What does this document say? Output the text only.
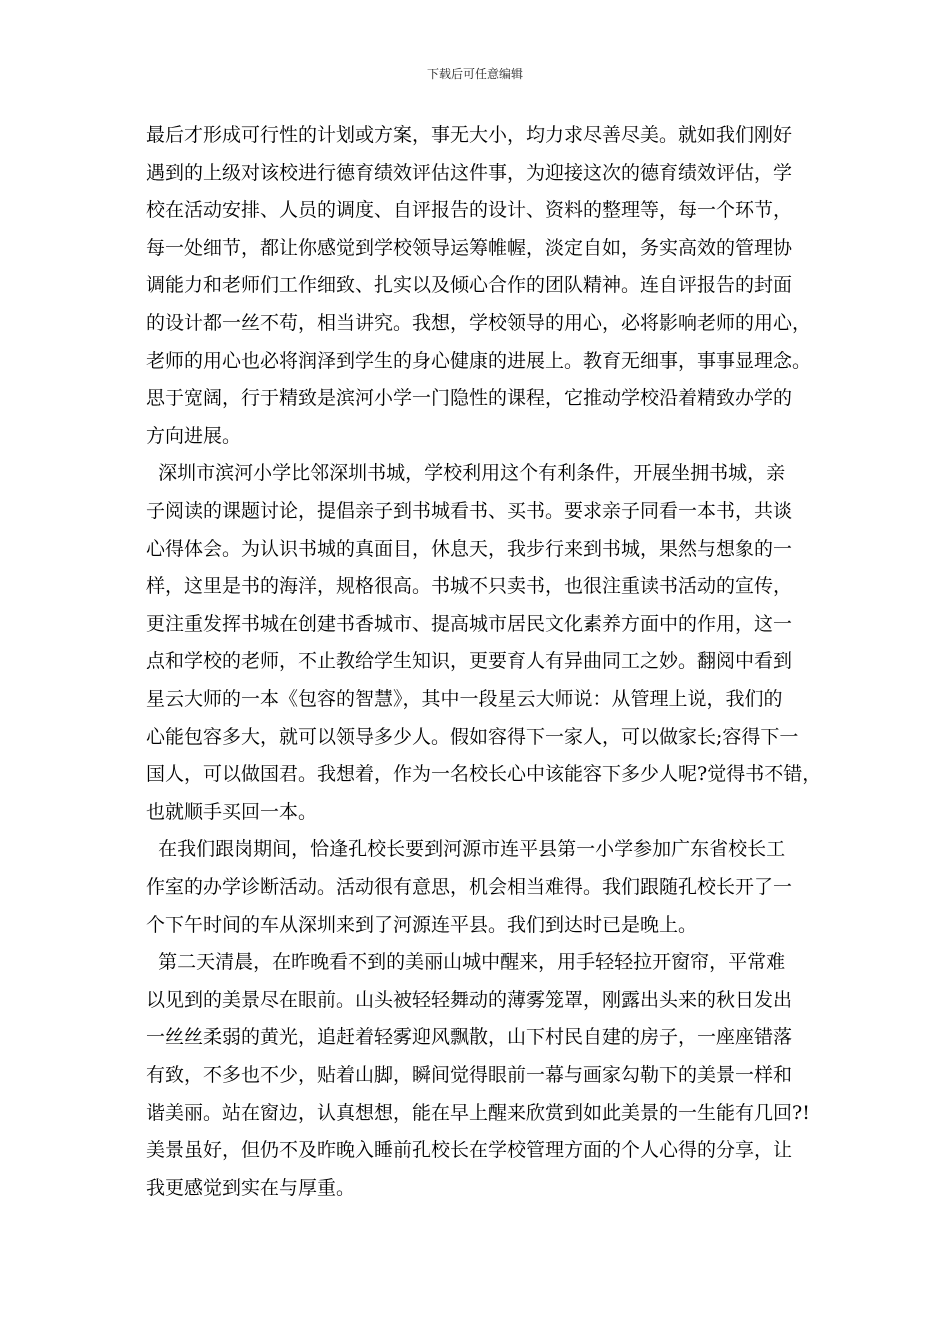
下载后可任意编辑
最后才形成可行性的计划或方案，事无大小，均力求尽善尽美。就如我们刚好
遇到的上级对该校进行德育绩效评估这件事，为迎接这次的德育绩效评估，学
校在活动安排、人员的调度、自评报告的设计、资料的整理等，每一个环节，
每一处细节，都让你感觉到学校领导运筹帷幄，淡定自如，务实高效的管理协
调能力和老师们工作细致、扎实以及倾心合作的团队精神。连自评报告的封面
的设计都一丝不苟，相当讲究。我想，学校领导的用心，必将影响老师的用心，
老师的用心也必将润泽到学生的身心健康的进展上。教育无细事，事事显理念。
思于宽阔，行于精致是滨河小学一门隐性的课程，它推动学校沿着精致办学的
方向进展。
深圳市滨河小学比邻深圳书城，学校利用这个有利条件，开展坐拥书城，亲
子阅读的课题讨论，提倡亲子到书城看书、买书。要求亲子同看一本书，共谈
心得体会。为认识书城的真面目，休息天，我步行来到书城，果然与想象的一
样，这里是书的海洋，规格很高。书城不只卖书，也很注重读书活动的宣传，
更注重发挥书城在创建书香城市、提高城市居民文化素养方面中的作用，这一
点和学校的老师，不止教给学生知识，更要育人有异曲同工之妙。翻阅中看到
星云大师的一本《包容的智慧》，其中一段星云大师说：从管理上说，我们的
心能包容多大，就可以领导多少人。假如容得下一家人，可以做家长;容得下一
国人，可以做国君。我想着，作为一名校长心中该能容下多少人呢?觉得书不错，
也就顺手买回一本。
在我们跟岗期间，恰逢孔校长要到河源市连平县第一小学参加广东省校长工
作室的办学诊断活动。活动很有意思，机会相当难得。我们跟随孔校长开了一
个下午时间的车从深圳来到了河源连平县。我们到达时已是晚上。
第二天清晨，在昨晚看不到的美丽山城中醒来，用手轻轻拉开窗帘，平常难
以见到的美景尽在眼前。山头被轻轻舞动的薄雾笼罩，刚露出头来的秋日发出
一丝丝柔弱的黄光，追赶着轻雾迎风飘散，山下村民自建的房子，一座座错落
有致，不多也不少，贴着山脚，瞬间觉得眼前一幕与画家勾勒下的美景一样和
谐美丽。站在窗边，认真想想，能在早上醒来欣赏到如此美景的一生能有几回?!
美景虽好，但仍不及昨晚入睡前孔校长在学校管理方面的个人心得的分享，让
我更感觉到实在与厚重。
